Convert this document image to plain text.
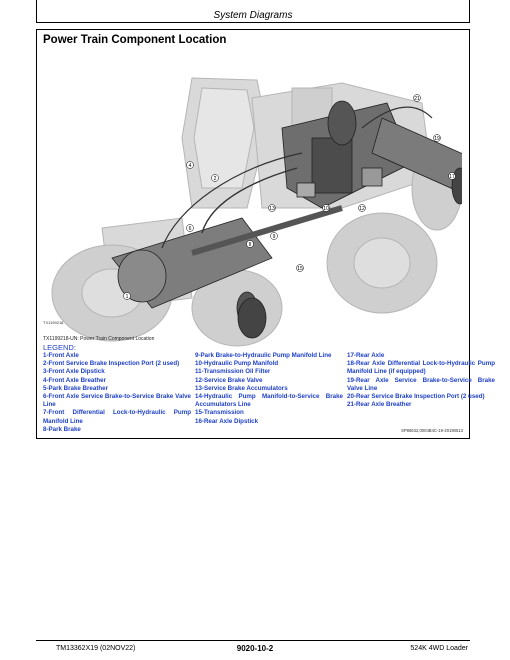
System Diagrams
Power Train Component Location
2
4
1
6
8
9
15
13	10	12
21
19
17
TX1199218
TX1199218-UN: Power Train Component Location
LEGEND:
1-Front Axle
2-Front Service Brake Inspection Port (2 used)
3-Front Axle Dipstick
4-Front Axle Breather
5-Park Brake Breather
6-Front Axle Service Brake-to-Service Brake Valve Line
7-Front Differential Lock-to-Hydraulic Pump Manifold Line
8-Park Brake
9-Park Brake-to-Hydraulic Pump Manifold Line
10-Hydraulic Pump Manifold
11-Transmission Oil Filter
12-Service Brake Valve
13-Service Brake Accumulators
14-Hydraulic Pump Manifold-to-Service Brake Accumulators Line
15-Transmission
16-Rear Axle Dipstick
17-Rear Axle
18-Rear Axle Differential Lock-to-Hydraulic Pump Manifold Line (if equipped)
19-Rear Axle Service Brake-to-Service Brake Valve Line
20-Rear Service Brake Inspection Port (2 used)
21-Rear Axle Breather
SP86632,0004B4C-19-20190513
TM13362X19 (02NOV22)	9020-10-2	524K 4WD Loader
